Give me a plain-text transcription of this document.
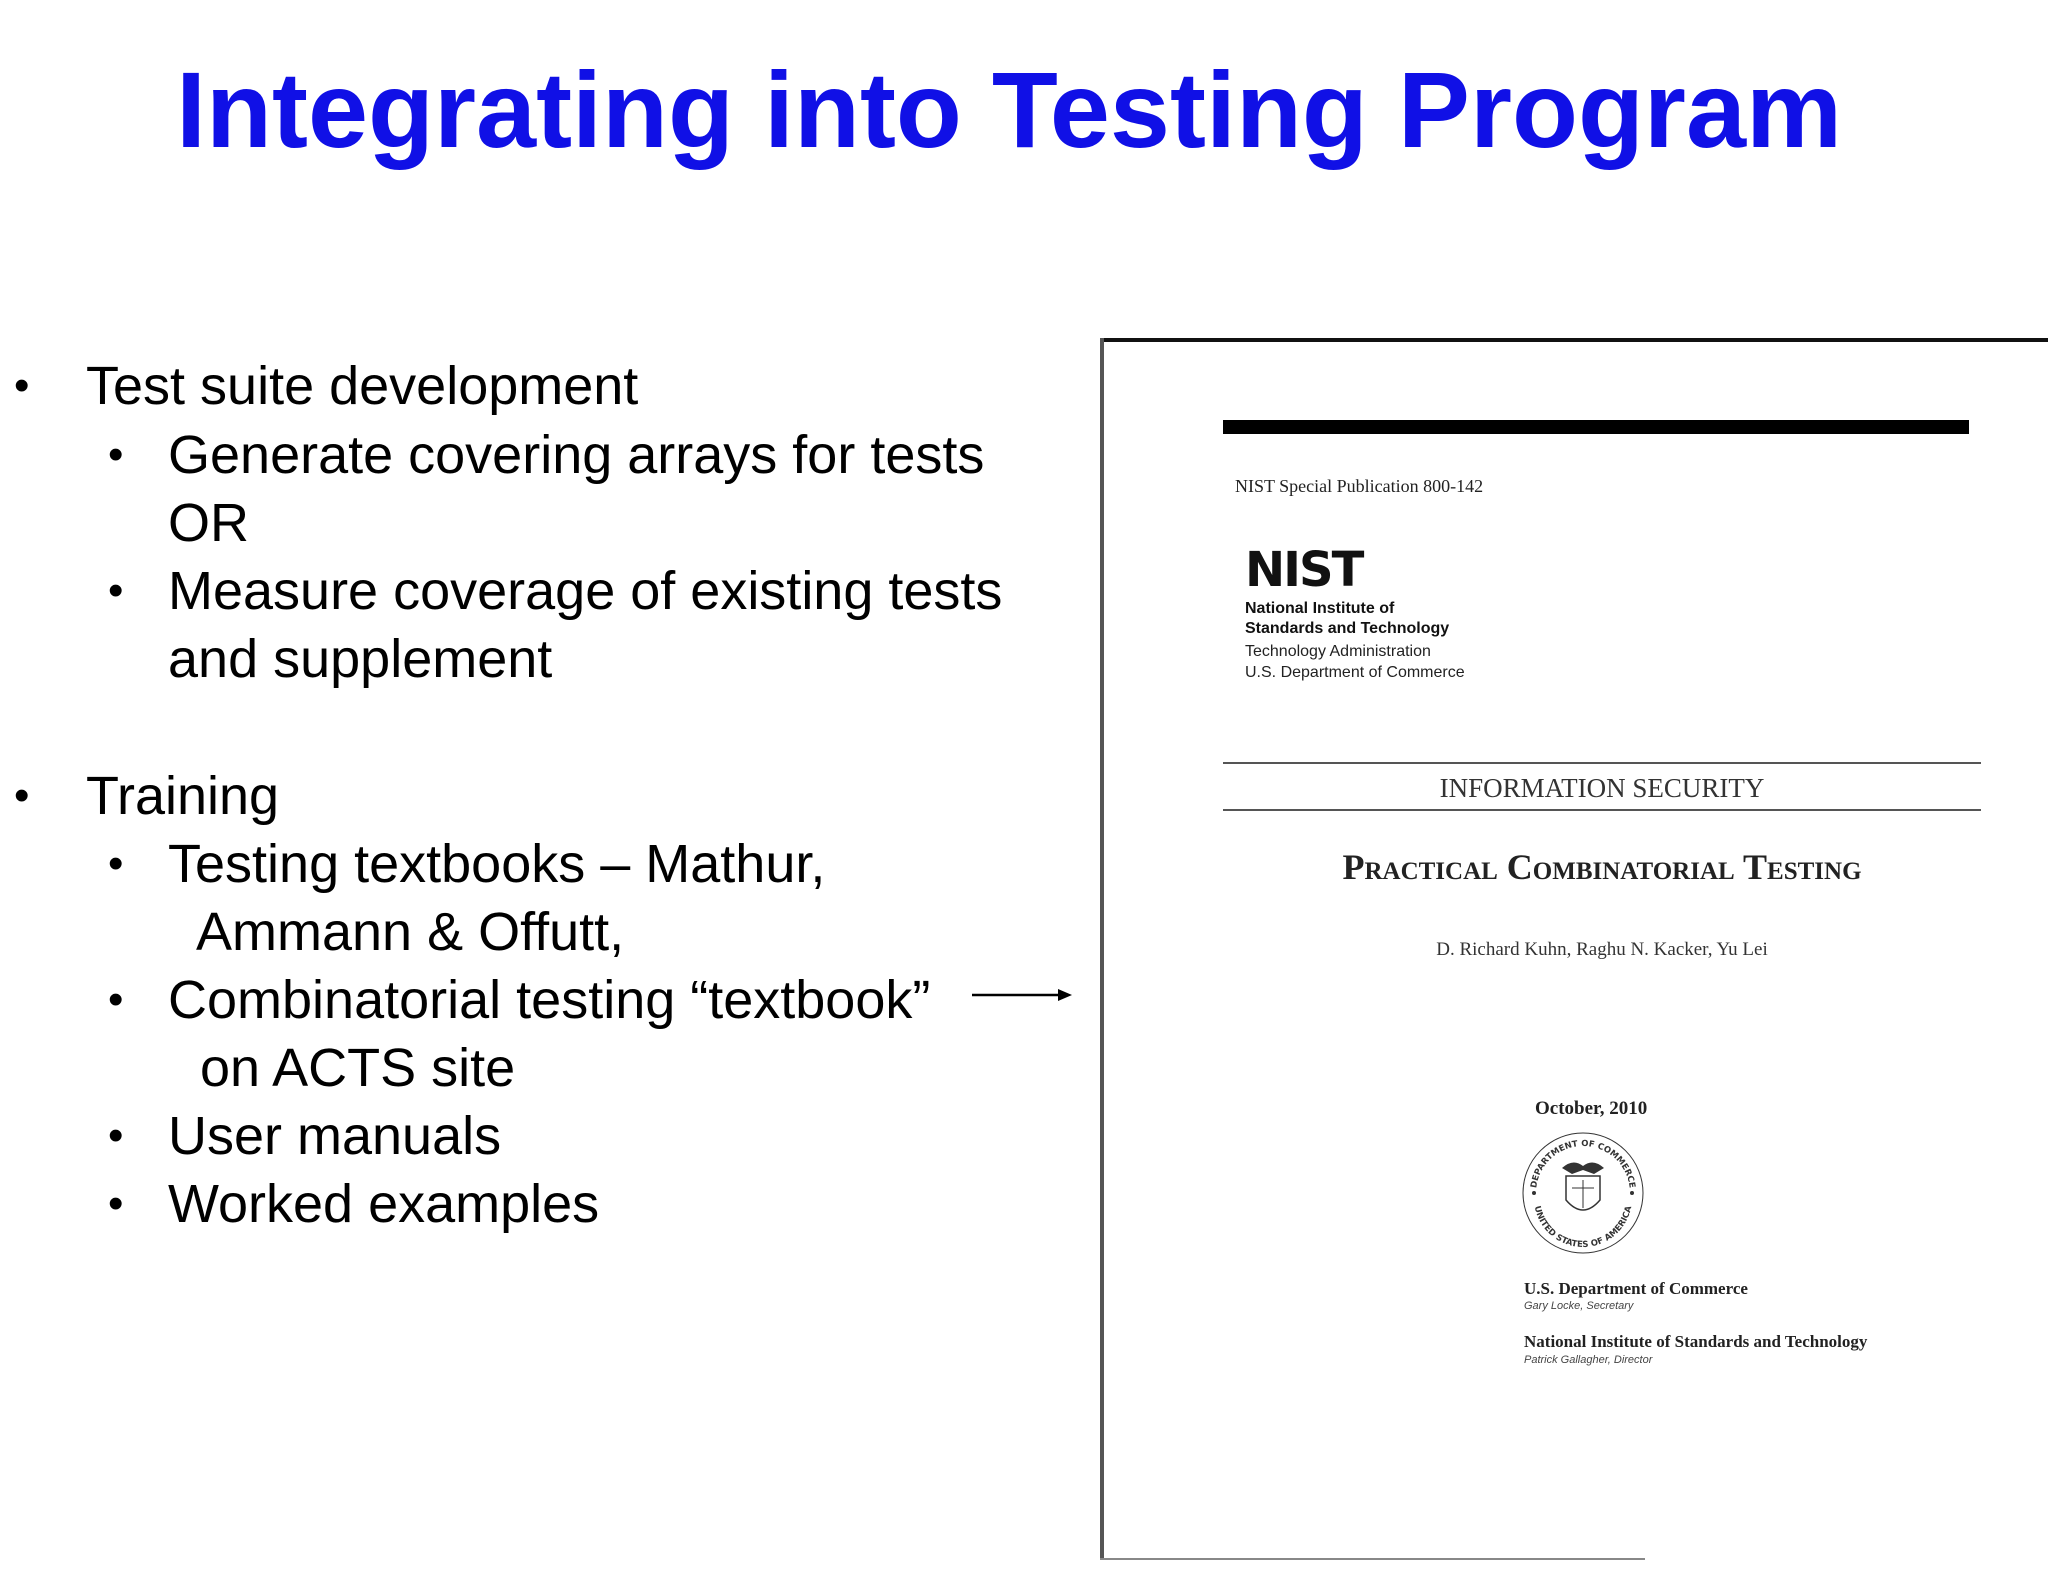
Integrating into Testing Program
• Test suite development
• Generate covering arrays for tests
OR
• Measure coverage of existing tests
and supplement
• Training
• Testing textbooks – Mathur,
Ammann & Offutt,
• Combinatorial testing “textbook”
on ACTS site
• User manuals
• Worked examples
NIST Special Publication 800-142
NIST
National Institute of
Standards and Technology
Technology Administration
U.S. Department of Commerce
INFORMATION SECURITY
Practical Combinatorial Testing
D. Richard Kuhn, Raghu N. Kacker, Yu Lei
October, 2010
DEPARTMENT OF COMMERCE
UNITED STATES OF AMERICA
U.S. Department of Commerce
Gary Locke, Secretary
National Institute of Standards and Technology
Patrick Gallagher, Director
